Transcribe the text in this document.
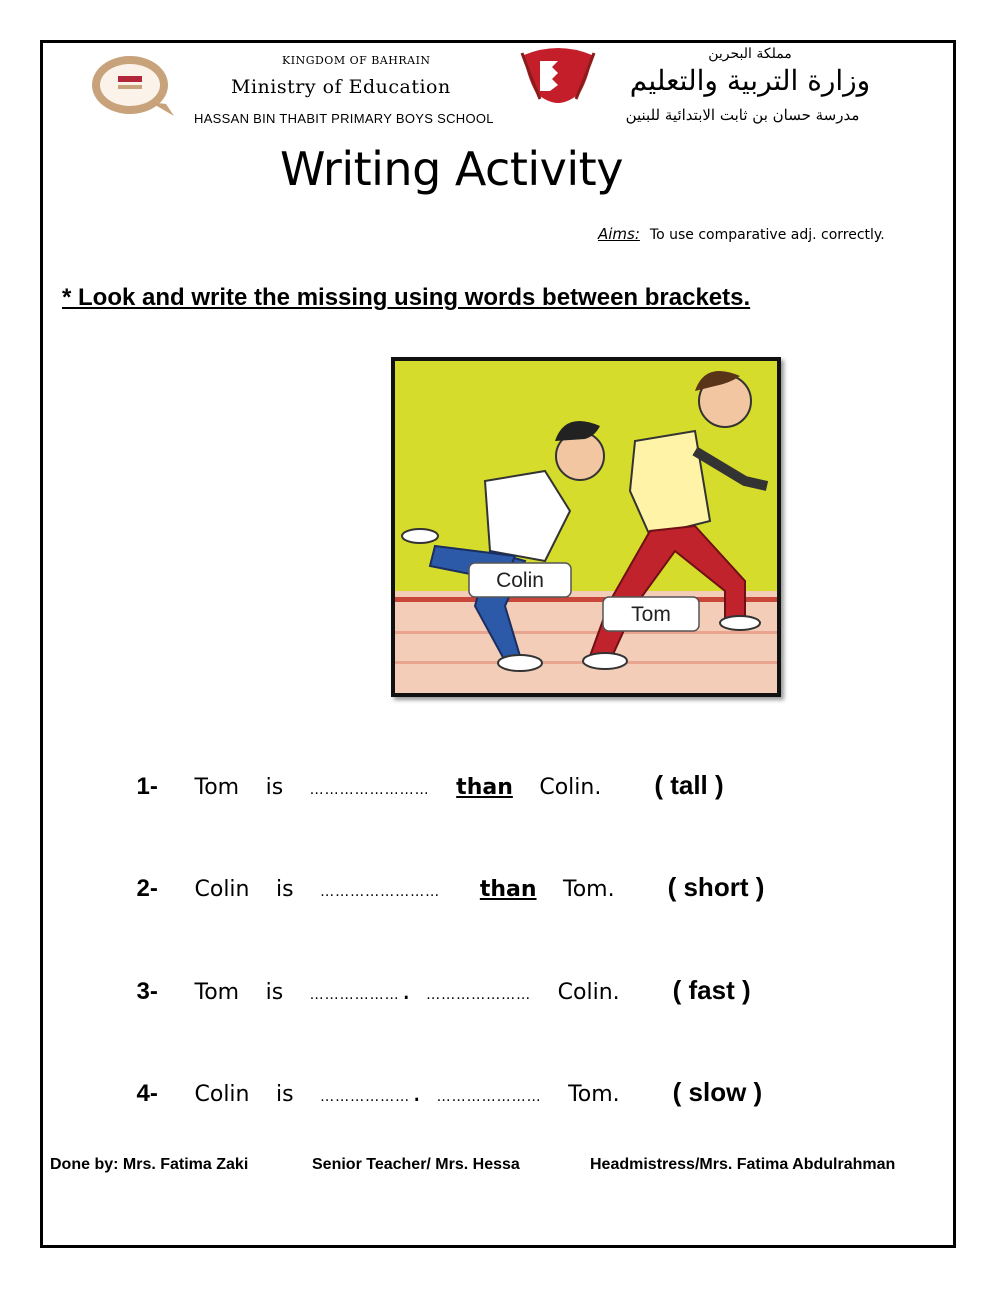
KINGDOM OF BAHRAIN
Ministry of Education
HASSAN BIN THABIT PRIMARY BOYS SCHOOL
مملكة البحرين
وزارة التربية والتعليم
مدرسة حسان بن ثابت الابتدائية للبنين
Writing Activity
Aims: To use comparative adj. correctly.
* Look and write the missing using words between brackets.
Colin
Tom

1- Tom is …………………… than Colin. ( tall )

2- Colin is …………………… than Tom. ( short )

3- Tom is ………………. ………………… Colin. ( fast )

4- Colin is ………………. ………………… Tom. ( slow )

Done by: Mrs. Fatima Zaki	Senior Teacher/ Mrs. Hessa	Headmistress/Mrs. Fatima Abdulrahman
